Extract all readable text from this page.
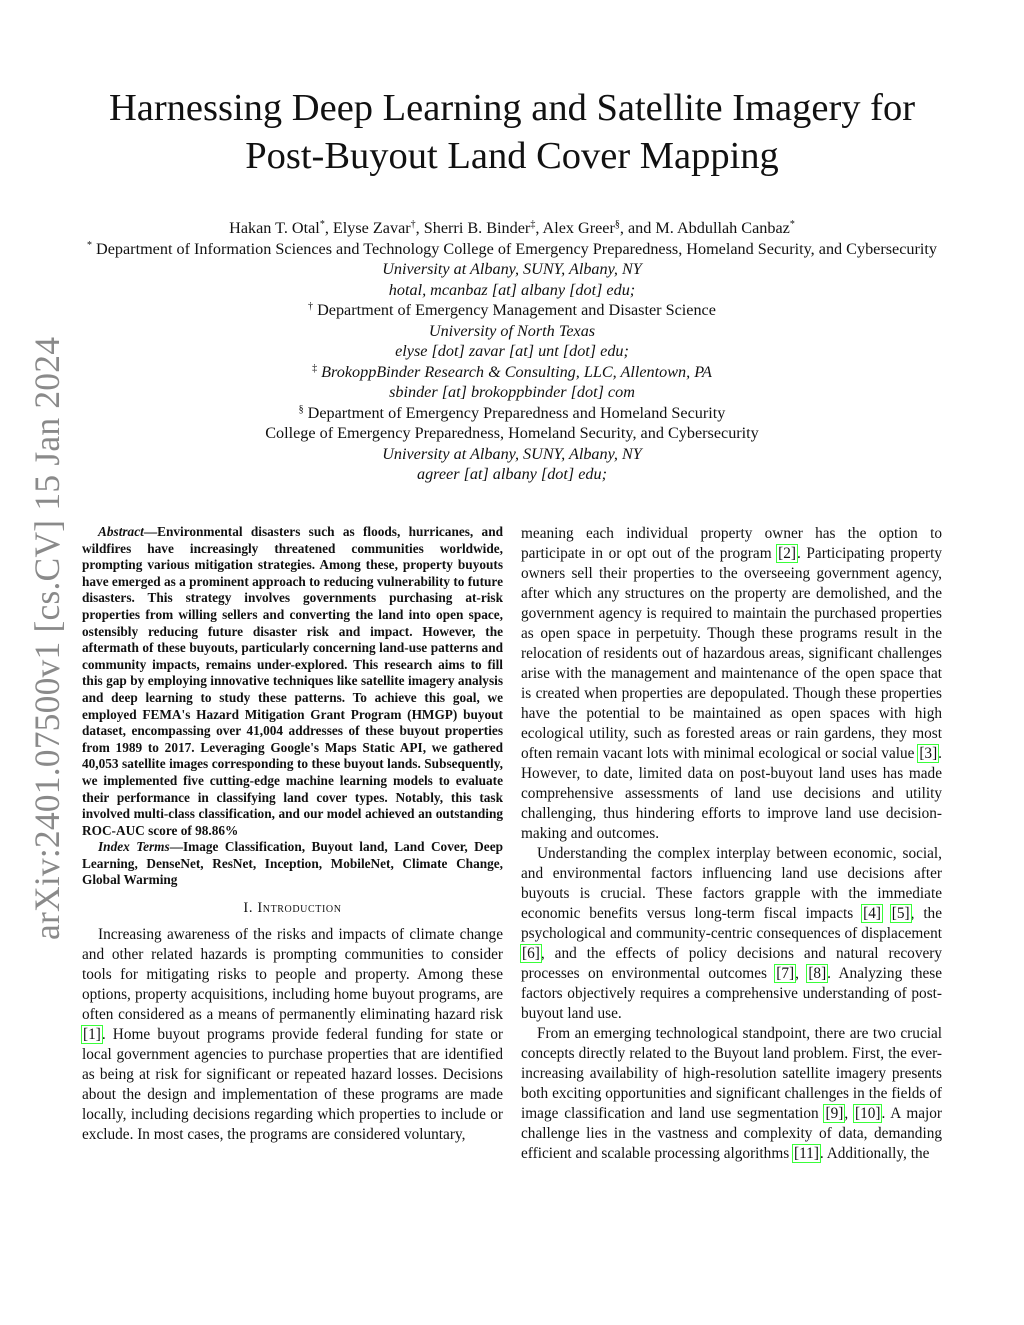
arXiv:2401.07500v1 [cs.CV] 15 Jan 2024
Harnessing Deep Learning and Satellite Imagery for
Post-Buyout Land Cover Mapping
Hakan T. Otal*, Elyse Zavar†, Sherri B. Binder‡, Alex Greer§, and M. Abdullah Canbaz*
* Department of Information Sciences and Technology College of Emergency Preparedness, Homeland Security, and Cybersecurity
University at Albany, SUNY, Albany, NY
hotal, mcanbaz [at] albany [dot] edu;
† Department of Emergency Management and Disaster Science
University of North Texas
elyse [dot] zavar [at] unt [dot] edu;
‡ BrokoppBinder Research & Consulting, LLC, Allentown, PA
sbinder [at] brokoppbinder [dot] com
§ Department of Emergency Preparedness and Homeland Security
College of Emergency Preparedness, Homeland Security, and Cybersecurity
University at Albany, SUNY, Albany, NY
agreer [at] albany [dot] edu;

Abstract—Environmental disasters such as floods, hurricanes, and wildfires have increasingly threatened communities worldwide, prompting various mitigation strategies. Among these, property buyouts have emerged as a prominent approach to reducing vulnerability to future disasters. This strategy involves governments purchasing at-risk properties from willing sellers and converting the land into open space, ostensibly reducing future disaster risk and impact. However, the aftermath of these buyouts, particularly concerning land-use patterns and community impacts, remains under-explored. This research aims to fill this gap by employing innovative techniques like satellite imagery analysis and deep learning to study these patterns. To achieve this goal, we employed FEMA's Hazard Mitigation Grant Program (HMGP) buyout dataset, encompassing over 41,004 addresses of these buyout properties from 1989 to 2017. Leveraging Google's Maps Static API, we gathered 40,053 satellite images corresponding to these buyout lands. Subsequently, we implemented five cutting-edge machine learning models to evaluate their performance in classifying land cover types. Notably, this task involved multi-class classification, and our model achieved an outstanding ROC-AUC score of 98.86%

Index Terms—Image Classification, Buyout land, Land Cover, Deep Learning, DenseNet, ResNet, Inception, MobileNet, Climate Change, Global Warming

I. Introduction

Increasing awareness of the risks and impacts of climate change and other related hazards is prompting communities to consider tools for mitigating risks to people and property. Among these options, property acquisitions, including home buyout programs, are often considered as a means of permanently eliminating hazard risk [1]. Home buyout programs provide federal funding for state or local government agencies to purchase properties that are identified as being at risk for significant or repeated hazard losses. Decisions about the design and implementation of these programs are made locally, including decisions regarding which properties to include or exclude. In most cases, the programs are considered voluntary,

meaning each individual property owner has the option to participate in or opt out of the program [2]. Participating property owners sell their properties to the overseeing government agency, after which any structures on the property are demolished, and the government agency is required to maintain the purchased properties as open space in perpetuity. Though these programs result in the relocation of residents out of hazardous areas, significant challenges arise with the management and maintenance of the open space that is created when properties are depopulated. Though these properties have the potential to be maintained as open spaces with high ecological utility, such as forested areas or rain gardens, they most often remain vacant lots with minimal ecological or social value [3]. However, to date, limited data on post-buyout land uses has made comprehensive assessments of land use decisions and utility challenging, thus hindering efforts to improve land use decision-making and outcomes.

Understanding the complex interplay between economic, social, and environmental factors influencing land use decisions after buyouts is crucial. These factors grapple with the immediate economic benefits versus long-term fiscal impacts [4] [5], the psychological and community-centric consequences of displacement [6], and the effects of policy decisions and natural recovery processes on environmental outcomes [7], [8]. Analyzing these factors objectively requires a comprehensive understanding of post-buyout land use.

From an emerging technological standpoint, there are two crucial concepts directly related to the Buyout land problem. First, the ever-increasing availability of high-resolution satellite imagery presents both exciting opportunities and significant challenges in the fields of image classification and land use segmentation [9], [10]. A major challenge lies in the vastness and complexity of data, demanding efficient and scalable processing algorithms [11]. Additionally, the
